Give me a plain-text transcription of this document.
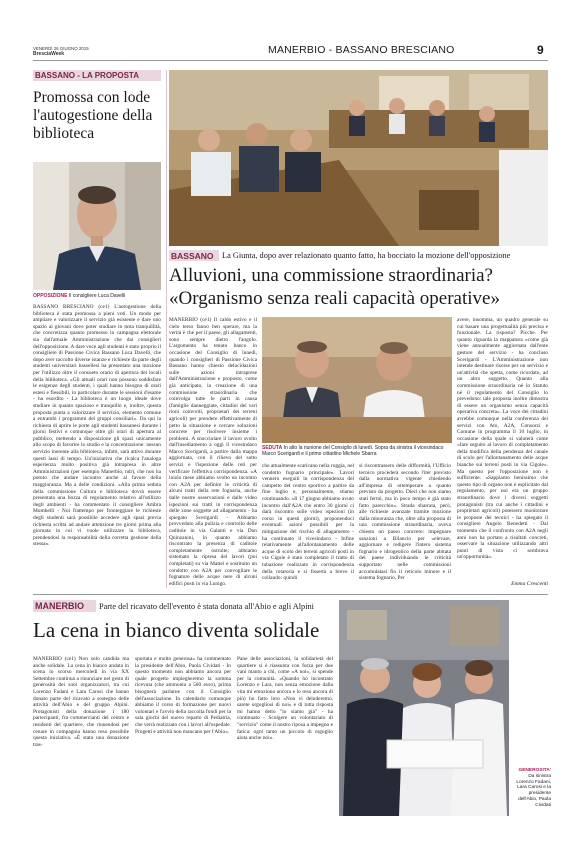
VENERDÌ 26 GIUGNO 2015
BresciaWeek	MANERBIO - BASSANO BRESCIANO	9
BASSANO - LA PROPOSTA
Promossa con lode l'autogestione della biblioteca
OPPOSIZIONE Il consigliere Luca Davelli
BASSANO BRESCIANO (ce1) L'autogestione della biblioteca è stata promossa a pieni voti. Un modo per ampliare e valorizzare il servizio già esistente e dare uno spazio ai giovani dove poter studiare in tutta tranquillità, che concretizza quanto promesso in campagna elettorale sia dall'attuale Amministrazione che dai consiglieri dell'opposizione. A dare voce agli studenti è stato proprio il consigliere di Passione Civica Bassano Luca Davelli, che dopo aver raccolto diverse istanze e richieste da parte degli studenti universitari bassellesi ha presentato una mozione per l'utilizzo oltre il consueto orario di apertura dei locali della biblioteca. «Gli attuali orari non possono soddisfare le esigenze degli studenti, i quali hanno bisogno di orari estesi e flessibili, in particolare durante le sessioni d'esame - ha esordito - La biblioteca è un luogo ideale dove studiare in quanto spazioso e tranquillo e, inoltre, questa proposta punta a valorizzare il servizio, elemento comune a entrambi i programmi dei gruppi consiliari». Da qui la richiesta di aprire le porte agli studenti bassanesi durante i giorni festivi e comunque oltre gli orari di apertura al pubblico, mettendo a disposizione gli spazi unicamente allo scopo di favorire lo studio e la concentrazione: nessun servizio inerente alla biblioteca, infatti, sarà attivo durante questi lassi di tempo. Un'iniziativa che ricalca l'analoga esperienza molto positiva già intrapresa in altre Amministrazioni (per esempio Manerbio, ndr), che non ha potuto che andare incontro anche al favore della maggioranza. Ma a delle condizioni. «Alla prima seduta della commissione Cultura e biblioteca dovrà essere presentata una bozza di regolamento relativo all'utilizzo degli ambienti - ha commentato il consigliere Ambra Mombelli - Noi frattempo per fronteggiare le richieste degli studenti sarà possibile accedere agli spazi previa richiesta scritta ad andare attenzione tre giorni prima alla giornata in cui vi vuole utilizzare la biblioteca, prendendosi la responsabilità della corretta gestione della stessa».
BASSANO La Giunta, dopo aver relazionato quanto fatto, ha bocciato la mozione dell'opposizione
Alluvioni, una commissione straordinaria?
«Organismo senza reali capacità operative»
MANERBIO (ce1) Il caldo estivo e il cielo terso fanno ben sperare, ma la verità è che per il paese, gli allagamenti, sono sempre dietro l'angolo. L'argomento ha tenuto banco in occasione del Consiglio di lunedì, quando i consiglieri di Passione Civica Bassano hanno chiesto delucidazioni sulle azioni intraprese dall'Amministrazione e proposto, come già anticipato, la creazione di una commissione straordinaria che coinvolga tutte le parti in causa (famiglie danneggiate, cittadini dei vari rioni coinvolti, proprietari dei terreni agricoli) per prendere effettivamente di petto la situazione e cercare soluzioni concrete per risolvere insieme i problemi. A snocciolare il lavoro svolto dall'insediamento a oggi il vicesindaco Marco Scerigardi, a partire dalla mappa aggiornata, con il rilievo del sotto servizi e l'ispezione delle reti per verificare l'effettiva corrispondenza. «A inizio mese abbiamo svolto un incontro con A2A per definire le criticità di alcuni tratti della rete fognaria, anche dalle nostre osservazioni e dalle video ispezioni sui tratti in corrispondenza delle zone soggette ad allagamento - ha spiegato Scerigardi - Abbiamo provveduto alla pulizia e controllo delle caditoie in via Galanti e via Don Quinzanini, in quanto abbiamo riscontrato la presenza di caditoie completamente ostruite; abbiamo sistemato la ripresa del lavori (poi completati) su via Mattei e sostituito un condotto con A2A per convogliare le fognature delle acque nere di alcuni edifici posti in via Lunigo.
SEDUTA In alto la riunione del Consiglio di lunedì. Sopra da sinistra il vicesindaco Marco Scerigardi e il primo cittadino Michele Sbarra
che attualmente scaricano nella roggia, nel condotto fognario principale». Lavori vennero eseguiti in corrispondenza del campetto del centro sportivo a partire da fine luglio e, personalmente, stiamo continuando. «Il 17 giugno abbiamo avuto incontro dall'A2A che entro 30 giorni ci darà riscontro sulle video ispezioni (in corso in questi giorni), proponendoci eventuali azioni possibili per la mitigazione del rischio di allagamento - ha continuato il vicesindaco - Infine relativamente all'allontanamento delle acque di scolo dei terreni agricoli posti in via Cigole è stato completato il tratto di tubazione realizzato in corrispondenza della rotatoria e si fissertà a breve il collaudo: quindi
si riscontrassero delle difformità, l'Ufficio tecnico procederà secondo l'iter previsto dalla normativa vigente chiedendo all'impresa di ottemperare a quanto previsto da progetto. Dieci che non siamo stati fermi, ma in poco tempo è già stato fatto parecchio». Strada sbarrata, però, alle richieste avanzate tramite mozione dalla minoranza che, oltre alla proposta di una commissione straordinaria, aveva chiesto un passo concreto: impegnare sanzioni a Bilancio per «elevare, aggiornare e redigere l'intero sistema fognario e idrogeolico della parte abitata del paese individuando le criticità supportato nelle commissioni accumulatasi fin il reticolo minore e il sistema fognario. Per
avere, insomma, un quadro generale su cui basare una progettualità più precisa e funzionale. La risposta? Picche. Per quanto riguarda la mappatura «come già viene annualmente aggiornata dall'ente gestore del servizio - ha concluso Scerigardi - L'Amministrazione non intende destinare risorse per un servizio e un'attività che spetta, come ricordato, ad un altro soggetto. Quanto alla commissione straordinaria né lo Statuto né il regolamento del Consiglio lo prevedono: tale proposta inoltre dimostra di essere un organismo senza capacità operativa concreta». La voce dei cittadini avrebbe comunque nella conferenza dei servizi con Ato, A2A, Consorzi e Comune in programma il 10 luglio, in occasione della quale si valuterà come «fare seguito al lavoro di completamento della modifica della pendenza del canale di scolo per l'allontanamento delle acque bianche sui terreni posti in via Cigole». Ma questo per l'opposizione non è sufficiente. «Sappiamo benissimo che questo tipo di organo non è esplicitato dal regolamento, per noi era un gruppo straordinario dove i diversi soggetti protagonisti (tra cui anche i cittadini e proprietari agricoli) potessero monitorare le proposte dei tecnici - ha spiegato il consigliere Angelo Benedetti - Dal momento che il confronto con A2A negli anni non ha portato a risultati concreti, osservare la situazione utilizzando altri punti di vista ci sembrava un'opportunità».
Emma Crescenti
MANERBIO Parte del ricavato dell'evento è stata donata all'Abio e agli Alpini
La cena in bianco diventa solidale
MANERBIO (ce1) Non solo candida ma anche solidale. La cena in bianco andata in scena lo scorso mercoledì in via XX Settembre continua a rinunciare nel gesto di generosità dei suoi organizzatori, tra cui Lorenzo Fadani e Lara Carosi che hanno donato parte del ricavato a sostegno delle attività dell'Abio e del gruppo Alpini. Protagonisti della donazione i 180 partecipanti, fra commercianti del centro e residenti del quartiere, che riunendosi per cenare in compagnia hanno reso possibile questa iniziativa. «È stata una donazione tras-
sportata e molto generosa» ha commentato la presidente dell'Abio, Paola Cividati - In questo momento non abbiamo ancora per quale progetto impiegheremo la somma ricevuta (che ammonta a 500 euro), prima bisognerà parlarne con il Consiglio dell'associazione. In calendario comunque abbiamo il corso di formazione per nuovi volontari e l'avvio della raccolta fondi per la sala giochi del nuovo reparto di Pediatria, che verrà realizzato con i lavori all'ospedale. Progetti e attività non mancano per l'Abio».
Pane delle associazioni, la solidarietà del quartiere si è riassunta con forza per due vani manto a chi, come «A noi», si spende per la comunità. «Quando ho incontrato Lorenzo e Lara, non senza emozione dalla vita mi emoziono ancora e lo reso ancora di più) ho fatto loro «Non vi deluderemo, sarete orgogliosi di noi» e di tutta risposta mi hanno detto "lo siamo già" - ha continuato - Scolgere un volontariato di "servizio" come il nostro riposa a impegno e fatica: ogni tanto un piccolo di orgoglio aiuta anche noi».
GENEROSITA'
Da sinistra Lorenzo Fadani, Lara Carosi e la presidente dell'Abio, Paola Cividati
